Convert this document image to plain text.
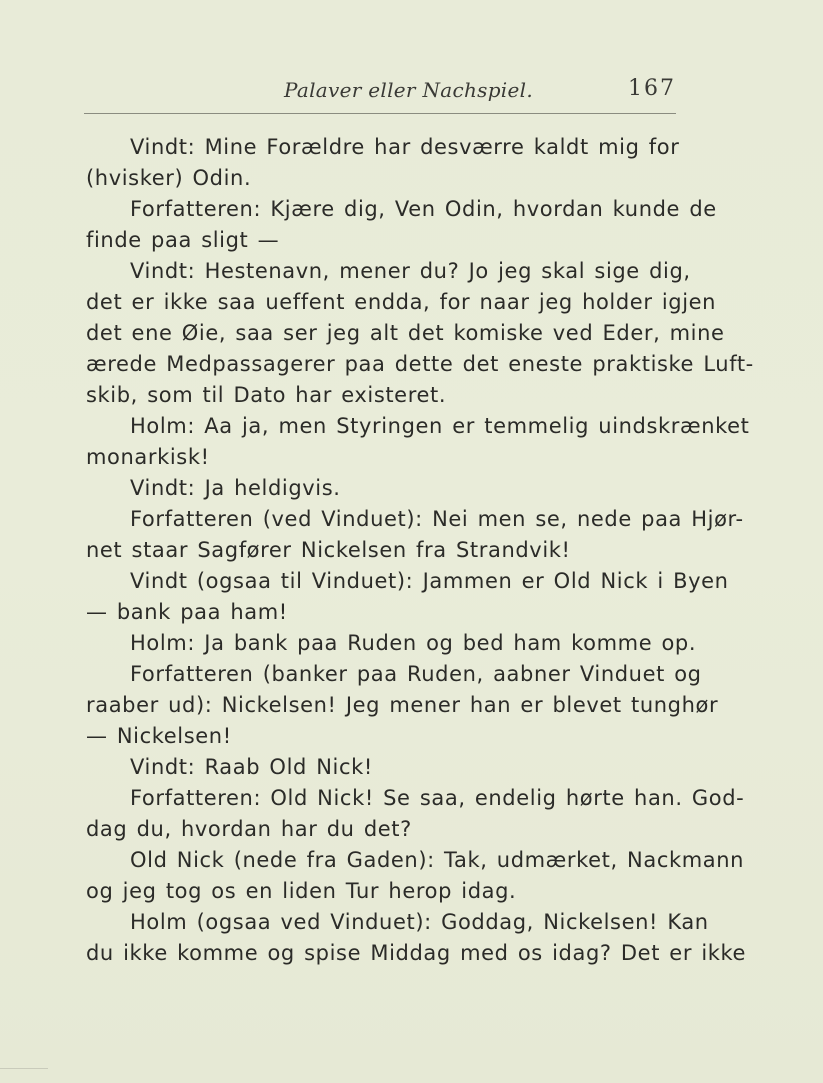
Palaver eller Nachspiel.	167
Vindt: Mine Forældre har desværre kaldt mig for
(hvisker) Odin.
Forfatteren: Kjære dig, Ven Odin, hvordan kunde de
finde paa sligt —
Vindt: Hestenavn, mener du? Jo jeg skal sige dig,
det er ikke saa ueffent endda, for naar jeg holder igjen
det ene Øie, saa ser jeg alt det komiske ved Eder, mine
ærede Medpassagerer paa dette det eneste praktiske Luft-
skib, som til Dato har existeret.
Holm: Aa ja, men Styringen er temmelig uindskrænket
monarkisk!
Vindt: Ja heldigvis.
Forfatteren (ved Vinduet): Nei men se, nede paa Hjør-
net staar Sagfører Nickelsen fra Strandvik!
Vindt (ogsaa til Vinduet): Jammen er Old Nick i Byen
— bank paa ham!
Holm: Ja bank paa Ruden og bed ham komme op.
Forfatteren (banker paa Ruden, aabner Vinduet og
raaber ud): Nickelsen! Jeg mener han er blevet tunghør
— Nickelsen!
Vindt: Raab Old Nick!
Forfatteren: Old Nick! Se saa, endelig hørte han. God-
dag du, hvordan har du det?
Old Nick (nede fra Gaden): Tak, udmærket, Nackmann
og jeg tog os en liden Tur herop idag.
Holm (ogsaa ved Vinduet): Goddag, Nickelsen! Kan
du ikke komme og spise Middag med os idag? Det er ikke
